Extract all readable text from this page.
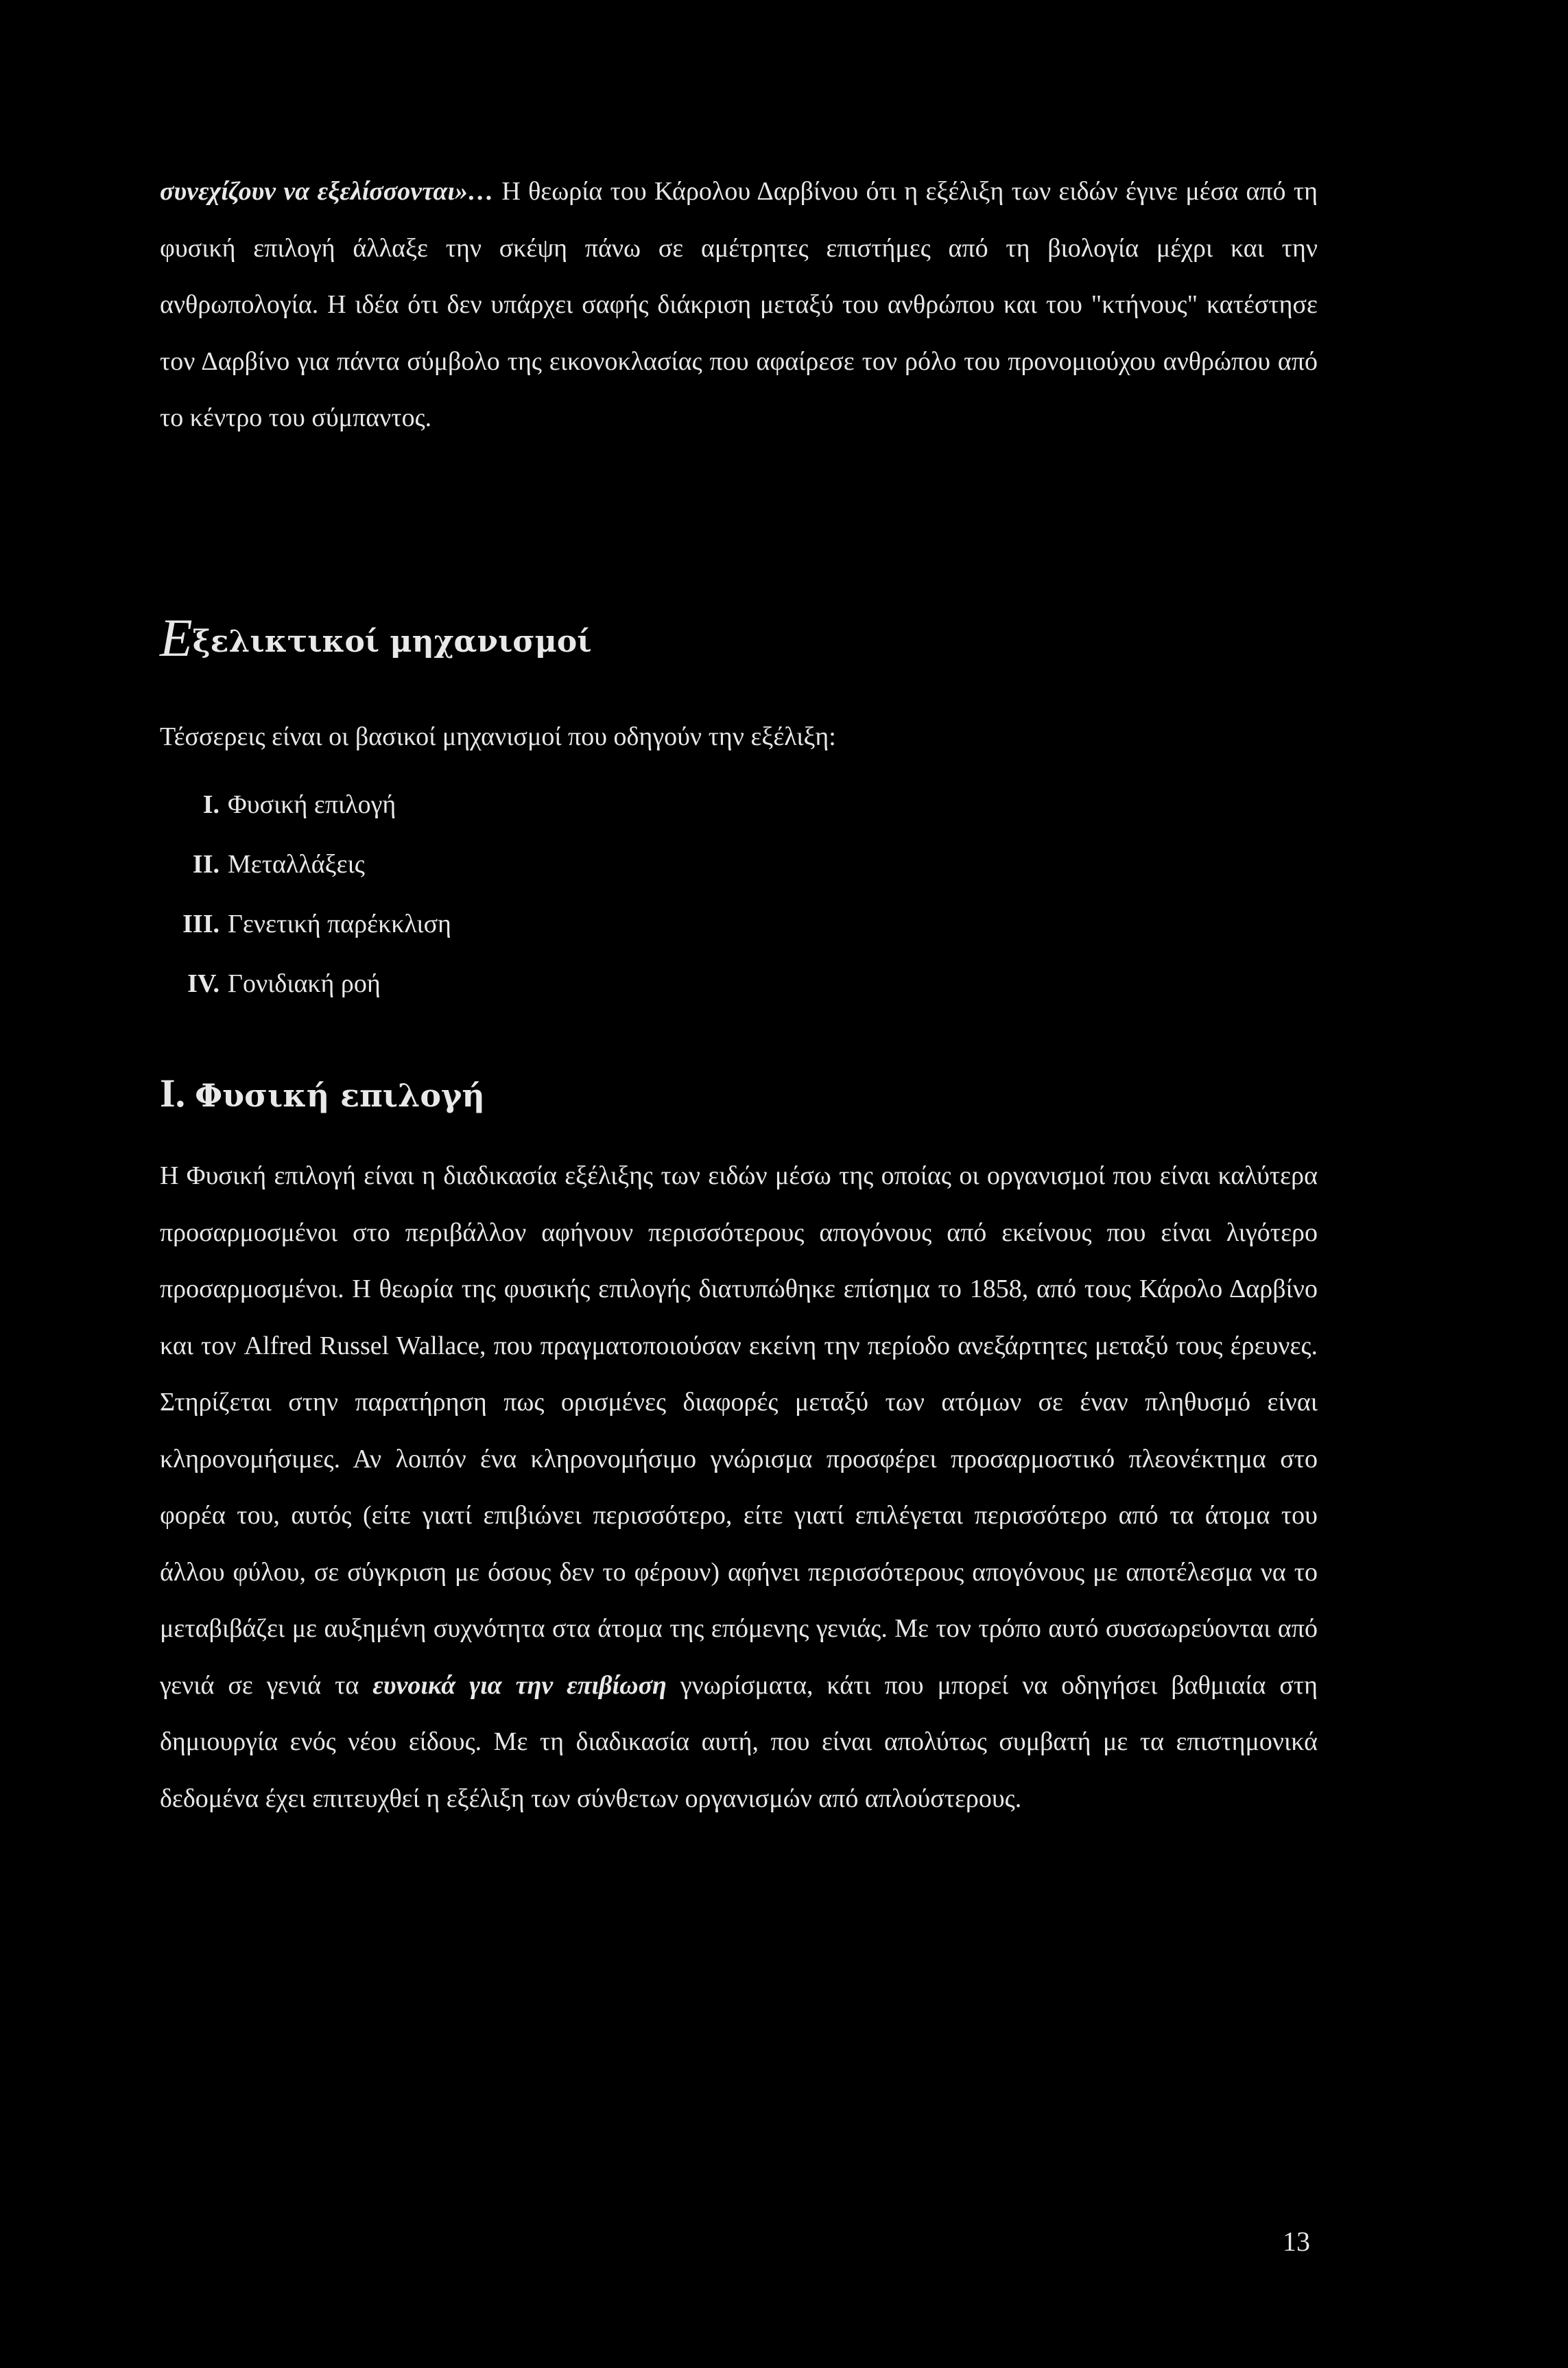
συνεχίζουν να εξελίσσονται»… Η θεωρία του Κάρολου Δαρβίνου ότι η εξέλιξη των ειδών έγινε μέσα από τη φυσική επιλογή άλλαξε την σκέψη πάνω σε αμέτρητες επιστήμες από τη βιολογία μέχρι και την ανθρωπολογία. Η ιδέα ότι δεν υπάρχει σαφής διάκριση μεταξύ του ανθρώπου και του "κτήνους" κατέστησε τον Δαρβίνο για πάντα σύμβολο της εικονοκλασίας που αφαίρεσε τον ρόλο του προνομιούχου ανθρώπου από το κέντρο του σύμπαντος.

Εξελικτικοί μηχανισμοί

Τέσσερεις είναι οι βασικοί μηχανισμοί που οδηγούν την εξέλιξη:

I. Φυσική επιλογή
II. Μεταλλάξεις
III. Γενετική παρέκκλιση
IV. Γονιδιακή ροή
I. Φυσική επιλογή

Η Φυσική επιλογή είναι η διαδικασία εξέλιξης των ειδών μέσω της οποίας οι οργανισμοί που είναι καλύτερα προσαρμοσμένοι στο περιβάλλον αφήνουν περισσότερους απογόνους από εκείνους που είναι λιγότερο προσαρμοσμένοι. Η θεωρία της φυσικής επιλογής διατυπώθηκε επίσημα το 1858, από τους Κάρολο Δαρβίνο και τον Alfred Russel Wallace, που πραγματοποιούσαν εκείνη την περίοδο ανεξάρτητες μεταξύ τους έρευνες. Στηρίζεται στην παρατήρηση πως ορισμένες διαφορές μεταξύ των ατόμων σε έναν πληθυσμό είναι κληρονομήσιμες. Αν λοιπόν ένα κληρονομήσιμο γνώρισμα προσφέρει προσαρμοστικό πλεονέκτημα στο φορέα του, αυτός (είτε γιατί επιβιώνει περισσότερο, είτε γιατί επιλέγεται περισσότερο από τα άτομα του άλλου φύλου, σε σύγκριση με όσους δεν το φέρουν) αφήνει περισσότερους απογόνους με αποτέλεσμα να το μεταβιβάζει με αυξημένη συχνότητα στα άτομα της επόμενης γενιάς. Με τον τρόπο αυτό συσσωρεύονται από γενιά σε γενιά τα ευνοικά για την επιβίωση γνωρίσματα, κάτι που μπορεί να οδηγήσει βαθμιαία στη δημιουργία ενός νέου είδους. Με τη διαδικασία αυτή, που είναι απολύτως συμβατή με τα επιστημονικά δεδομένα έχει επιτευχθεί η εξέλιξη των σύνθετων οργανισμών από απλούστερους.

13
